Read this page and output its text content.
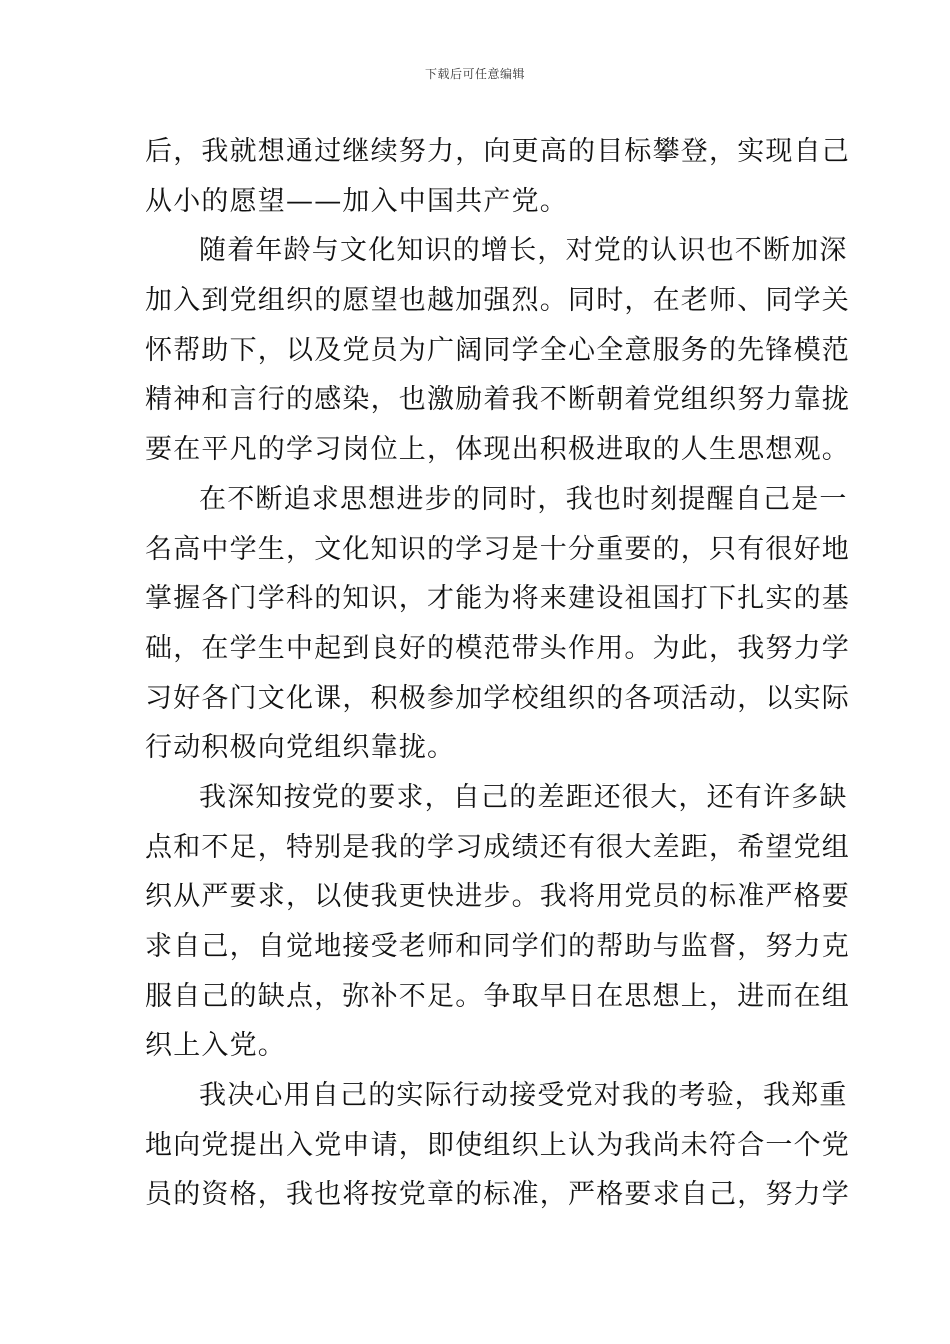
下载后可任意编辑
后，我就想通过继续努力，向更高的目标攀登，实现自己
从小的愿望——加入中国共产党。
随着年龄与文化知识的增长，对党的认识也不断加深
加入到党组织的愿望也越加强烈。同时，在老师、同学关
怀帮助下，以及党员为广阔同学全心全意服务的先锋模范
精神和言行的感染，也激励着我不断朝着党组织努力靠拢
要在平凡的学习岗位上，体现出积极进取的人生思想观。
在不断追求思想进步的同时，我也时刻提醒自己是一
名高中学生，文化知识的学习是十分重要的，只有很好地
掌握各门学科的知识，才能为将来建设祖国打下扎实的基
础，在学生中起到良好的模范带头作用。为此，我努力学
习好各门文化课，积极参加学校组织的各项活动，以实际
行动积极向党组织靠拢。
我深知按党的要求，自己的差距还很大，还有许多缺
点和不足，特别是我的学习成绩还有很大差距，希望党组
织从严要求，以使我更快进步。我将用党员的标准严格要
求自己，自觉地接受老师和同学们的帮助与监督，努力克
服自己的缺点，弥补不足。争取早日在思想上，进而在组
织上入党。
我决心用自己的实际行动接受党对我的考验，我郑重
地向党提出入党申请，即使组织上认为我尚未符合一个党
员的资格，我也将按党章的标准，严格要求自己，努力学
